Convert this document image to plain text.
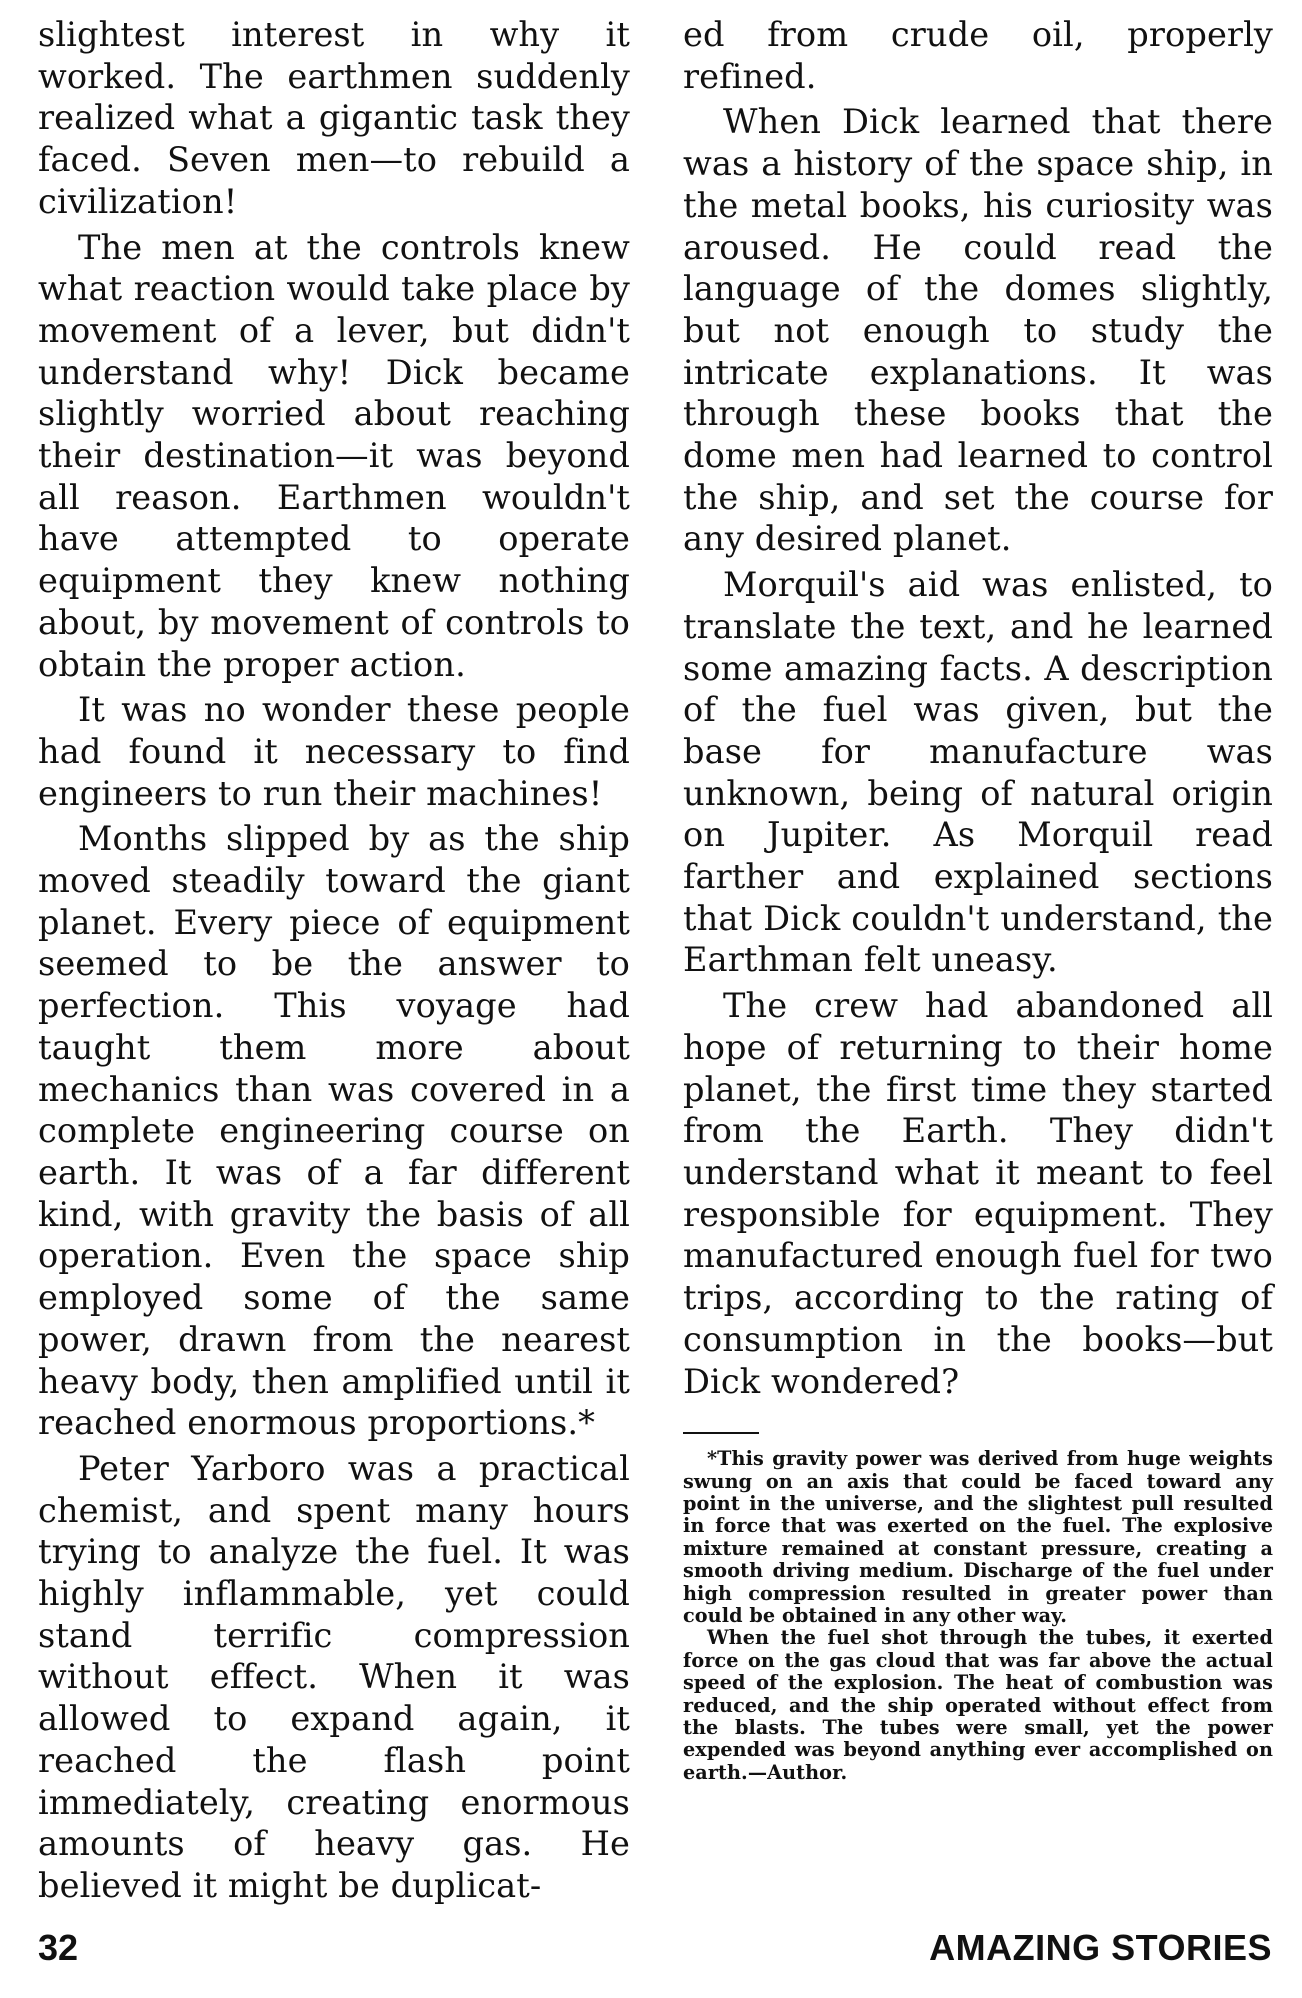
slightest interest in why it worked. The earthmen suddenly realized what a gigantic task they faced. Seven men—to rebuild a civilization!

The men at the controls knew what reaction would take place by movement of a lever, but didn't understand why! Dick became slightly worried about reaching their destination—it was beyond all reason. Earthmen wouldn't have attempted to operate equipment they knew nothing about, by movement of controls to obtain the proper action.

It was no wonder these people had found it necessary to find engineers to run their machines!

Months slipped by as the ship moved steadily toward the giant planet. Every piece of equipment seemed to be the answer to perfection. This voyage had taught them more about mechanics than was covered in a complete engineering course on earth. It was of a far different kind, with gravity the basis of all operation. Even the space ship employed some of the same power, drawn from the nearest heavy body, then amplified until it reached enormous proportions.*

Peter Yarboro was a practical chemist, and spent many hours trying to analyze the fuel. It was highly inflammable, yet could stand terrific compression without effect. When it was allowed to expand again, it reached the flash point immediately, creating enormous amounts of heavy gas. He believed it might be duplicat-

ed from crude oil, properly refined.

When Dick learned that there was a history of the space ship, in the metal books, his curiosity was aroused. He could read the language of the domes slightly, but not enough to study the intricate explanations. It was through these books that the dome men had learned to control the ship, and set the course for any desired planet.

Morquil's aid was enlisted, to translate the text, and he learned some amazing facts. A description of the fuel was given, but the base for manufacture was unknown, being of natural origin on Jupiter. As Morquil read farther and explained sections that Dick couldn't understand, the Earthman felt uneasy.

The crew had abandoned all hope of returning to their home planet, the first time they started from the Earth. They didn't understand what it meant to feel responsible for equipment. They manufactured enough fuel for two trips, according to the rating of consumption in the books—but Dick wondered?

*This gravity power was derived from huge weights swung on an axis that could be faced toward any point in the universe, and the slightest pull resulted in force that was exerted on the fuel. The explosive mixture remained at constant pressure, creating a smooth driving medium. Discharge of the fuel under high compression resulted in greater power than could be obtained in any other way.

When the fuel shot through the tubes, it exerted force on the gas cloud that was far above the actual speed of the explosion. The heat of combustion was reduced, and the ship operated without effect from the blasts. The tubes were small, yet the power expended was beyond anything ever accomplished on earth.—Author.

32	AMAZING STORIES
